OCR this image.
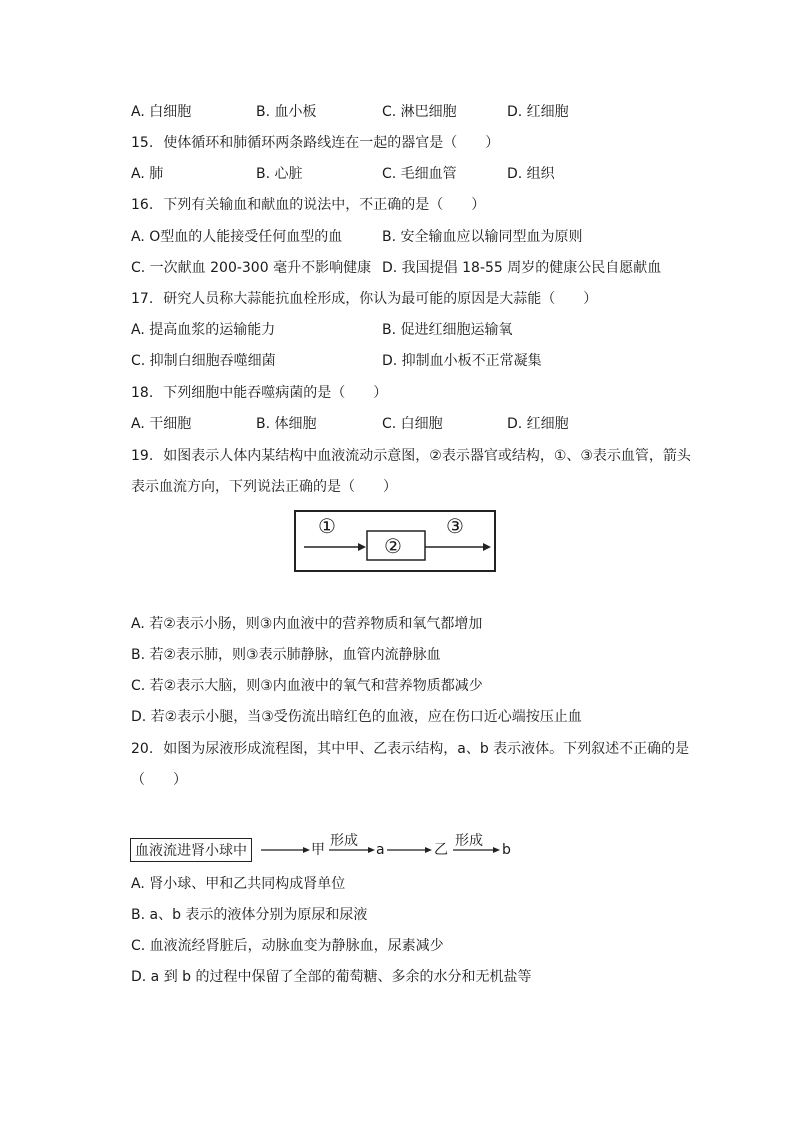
A. 白细胞	B. 血小板	C. 淋巴细胞	D. 红细胞
15. 使体循环和肺循环两条路线连在一起的器官是（　　）
A. 肺	B. 心脏	C. 毛细血管	D. 组织
16. 下列有关输血和献血的说法中，不正确的是（　　）
A. O型血的人能接受任何血型的血	B. 安全输血应以输同型血为原则
C. 一次献血 200-300 毫升不影响健康 D. 我国提倡 18-55 周岁的健康公民自愿献血
17. 研究人员称大蒜能抗血栓形成，你认为最可能的原因是大蒜能（　　）
A. 提高血浆的运输能力	B. 促进红细胞运输氧
C. 抑制白细胞吞噬细菌	D. 抑制血小板不正常凝集
18. 下列细胞中能吞噬病菌的是（　　）
A. 干细胞	B. 体细胞	C. 白细胞	D. 红细胞
19. 如图表示人体内某结构中血液流动示意图，②表示器官或结构，①、③表示血管，箭头
表示血流方向，下列说法正确的是（　　）
①
②
③
A. 若②表示小肠，则③内血液中的营养物质和氧气都增加
B. 若②表示肺，则③表示肺静脉，血管内流静脉血
C. 若②表示大脑，则③内血液中的氧气和营养物质都减少
D. 若②表示小腿，当③受伤流出暗红色的血液，应在伤口近心端按压止血
20. 如图为尿液形成流程图，其中甲、乙表示结构，a、b 表示液体。下列叙述不正确的是
（　　）
血液流进肾小球中	甲
形成
a	乙
形成
b
A. 肾小球、甲和乙共同构成肾单位
B. a、b 表示的液体分别为原尿和尿液
C. 血液流经肾脏后，动脉血变为静脉血，尿素减少
D. a 到 b 的过程中保留了全部的葡萄糖、多余的水分和无机盐等
